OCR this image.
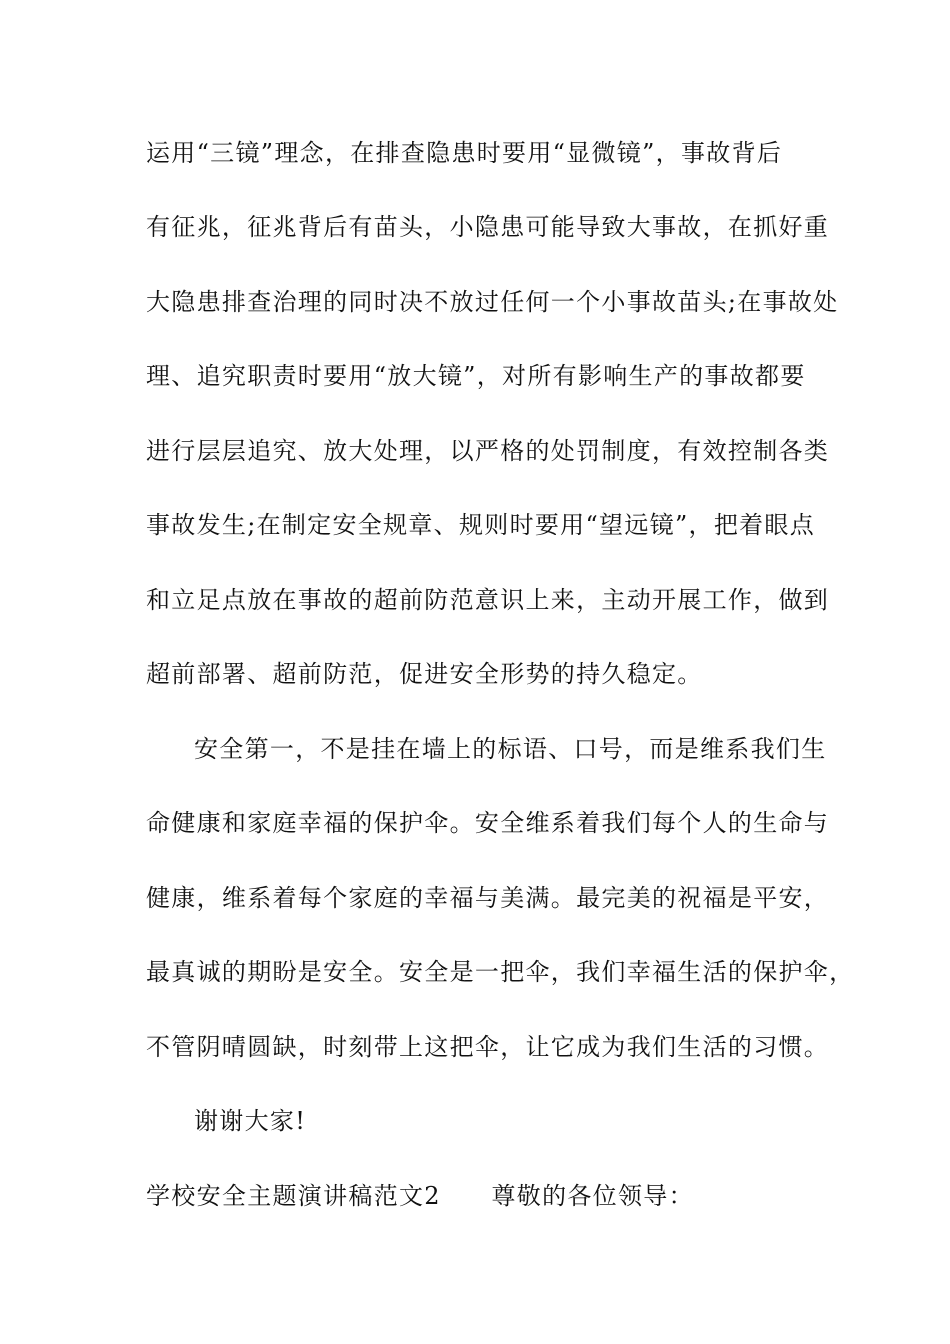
运用“三镜”理念，在排查隐患时要用“显微镜”，事故背后
有征兆，征兆背后有苗头，小隐患可能导致大事故，在抓好重
大隐患排查治理的同时决不放过任何一个小事故苗头;在事故处
理、追究职责时要用“放大镜”，对所有影响生产的事故都要
进行层层追究、放大处理，以严格的处罚制度，有效控制各类
事故发生;在制定安全规章、规则时要用“望远镜”，把着眼点
和立足点放在事故的超前防范意识上来，主动开展工作，做到
超前部署、超前防范，促进安全形势的持久稳定。
安全第一，不是挂在墙上的标语、口号，而是维系我们生
命健康和家庭幸福的保护伞。安全维系着我们每个人的生命与
健康，维系着每个家庭的幸福与美满。最完美的祝福是平安，
最真诚的期盼是安全。安全是一把伞，我们幸福生活的保护伞，
不管阴晴圆缺，时刻带上这把伞，让它成为我们生活的习惯。
谢谢大家!
学校安全主题演讲稿范文2　　尊敬的各位领导：
